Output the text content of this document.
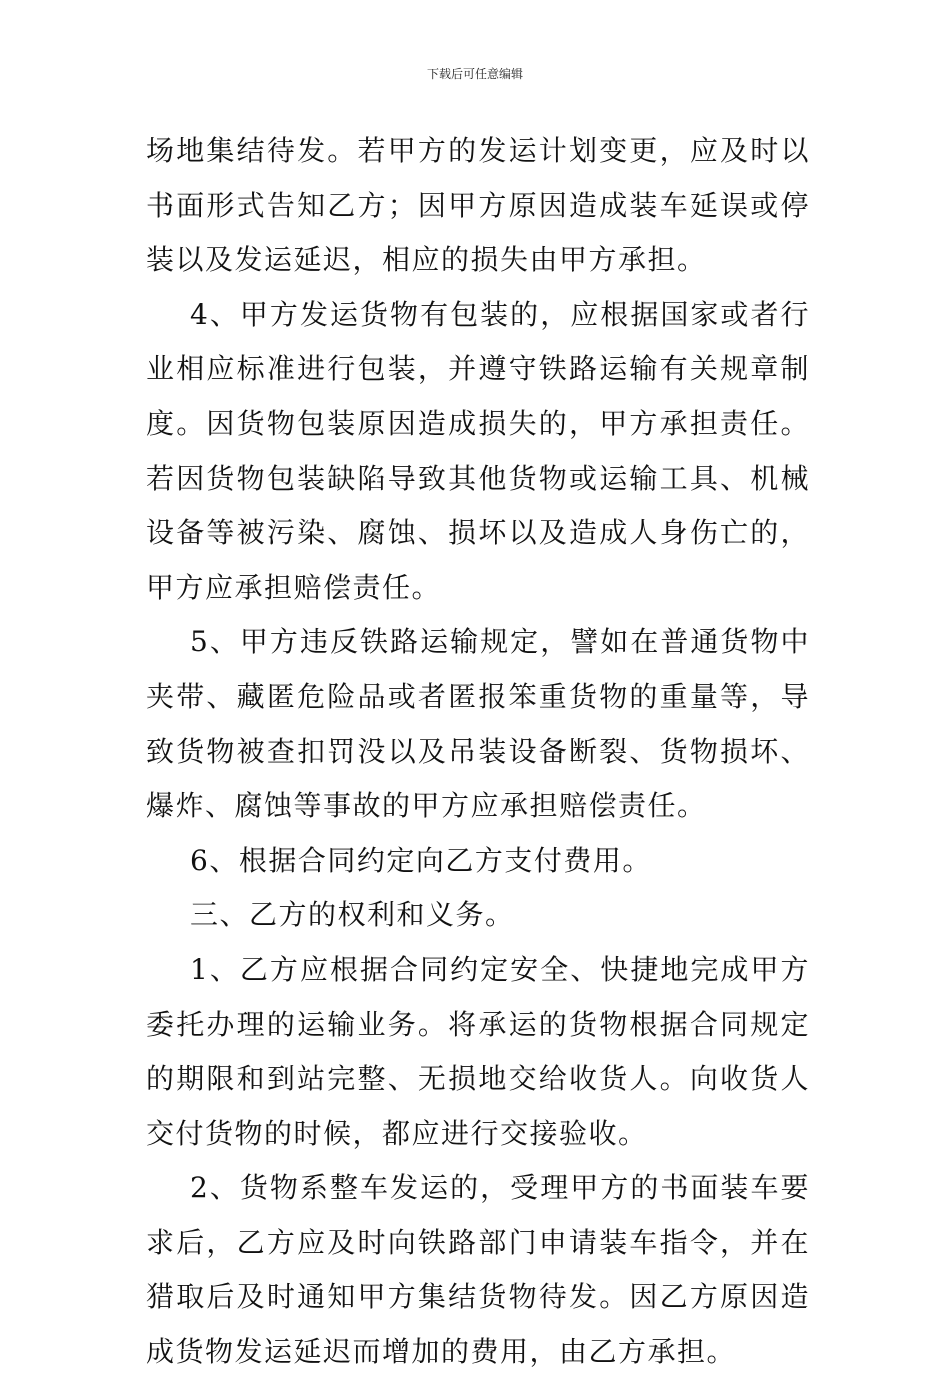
下载后可任意编辑

场地集结待发。若甲方的发运计划变更，应及时以书面形式告知乙方；因甲方原因造成装车延误或停装以及发运延迟，相应的损失由甲方承担。

4、甲方发运货物有包装的，应根据国家或者行业相应标准进行包装，并遵守铁路运输有关规章制度。因货物包装原因造成损失的，甲方承担责任。若因货物包装缺陷导致其他货物或运输工具、机械设备等被污染、腐蚀、损坏以及造成人身伤亡的，甲方应承担赔偿责任。

5、甲方违反铁路运输规定，譬如在普通货物中夹带、藏匿危险品或者匿报笨重货物的重量等，导致货物被查扣罚没以及吊装设备断裂、货物损坏、爆炸、腐蚀等事故的甲方应承担赔偿责任。

6、根据合同约定向乙方支付费用。

三、乙方的权利和义务。

1、乙方应根据合同约定安全、快捷地完成甲方委托办理的运输业务。将承运的货物根据合同规定的期限和到站完整、无损地交给收货人。向收货人交付货物的时候，都应进行交接验收。

2、货物系整车发运的，受理甲方的书面装车要求后，乙方应及时向铁路部门申请装车指令，并在猎取后及时通知甲方集结货物待发。因乙方原因造成货物发运延迟而增加的费用，由乙方承担。
